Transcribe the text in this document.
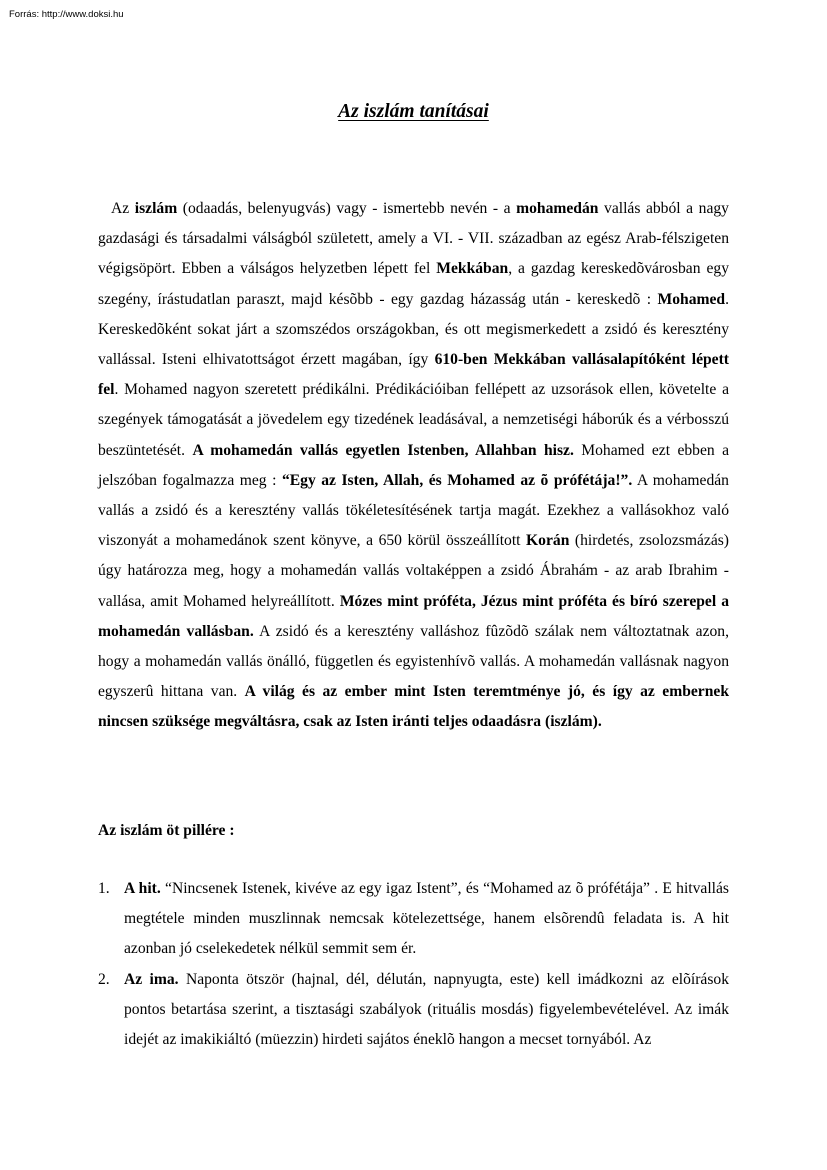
Forrás: http://www.doksi.hu
Az iszlám tanításai

Az iszlám (odaadás, belenyugvás) vagy - ismertebb nevén - a mohamedán vallás abból a nagy gazdasági és társadalmi válságból született, amely a VI. - VII. században az egész Arab-félszigeten végigsöpört. Ebben a válságos helyzetben lépett fel Mekkában, a gazdag kereskedõvárosban egy szegény, írástudatlan paraszt, majd késõbb - egy gazdag házasság után - kereskedõ : Mohamed. Kereskedõként sokat járt a szomszédos országokban, és ott megismerkedett a zsidó és keresztény vallással. Isteni elhivatottságot érzett magában, így 610-ben Mekkában vallásalapítóként lépett fel. Mohamed nagyon szeretett prédikálni. Prédikációiban fellépett az uzsorások ellen, követelte a szegények támogatását a jövedelem egy tizedének leadásával, a nemzetiségi háborúk és a vérbosszú beszüntetését. A mohamedán vallás egyetlen Istenben, Allahban hisz. Mohamed ezt ebben a jelszóban fogalmazza meg : “Egy az Isten, Allah, és Mohamed az õ prófétája!”. A mohamedán vallás a zsidó és a keresztény vallás tökéletesítésének tartja magát. Ezekhez a vallásokhoz való viszonyát a mohamedánok szent könyve, a 650 körül összeállított Korán (hirdetés, zsolozsmázás) úgy határozza meg, hogy a mohamedán vallás voltaképpen a zsidó Ábrahám - az arab Ibrahim - vallása, amit Mohamed helyreállított. Mózes mint próféta, Jézus mint próféta és bíró szerepel a mohamedán vallásban. A zsidó és a keresztény valláshoz fûzõdõ szálak nem változtatnak azon, hogy a mohamedán vallás önálló, független és egyistenhívõ vallás. A mohamedán vallásnak nagyon egyszerû hittana van. A világ és az ember mint Isten teremtménye jó, és így az embernek nincsen szüksége megváltásra, csak az Isten iránti teljes odaadásra (iszlám).

Az iszlám öt pillére :
1. A hit. “Nincsenek Istenek, kivéve az egy igaz Istent”, és “Mohamed az õ prófétája” . E hitvallás megtétele minden muszlinnak nemcsak kötelezettsége, hanem elsõrendû feladata is. A hit azonban jó cselekedetek nélkül semmit sem ér.
2. Az ima. Naponta ötször (hajnal, dél, délután, napnyugta, este) kell imádkozni az elõírások pontos betartása szerint, a tisztasági szabályok (rituális mosdás) figyelembevételével. Az imák idejét az imakikiáltó (müezzin) hirdeti sajátos éneklõ hangon a mecset tornyából. Az
